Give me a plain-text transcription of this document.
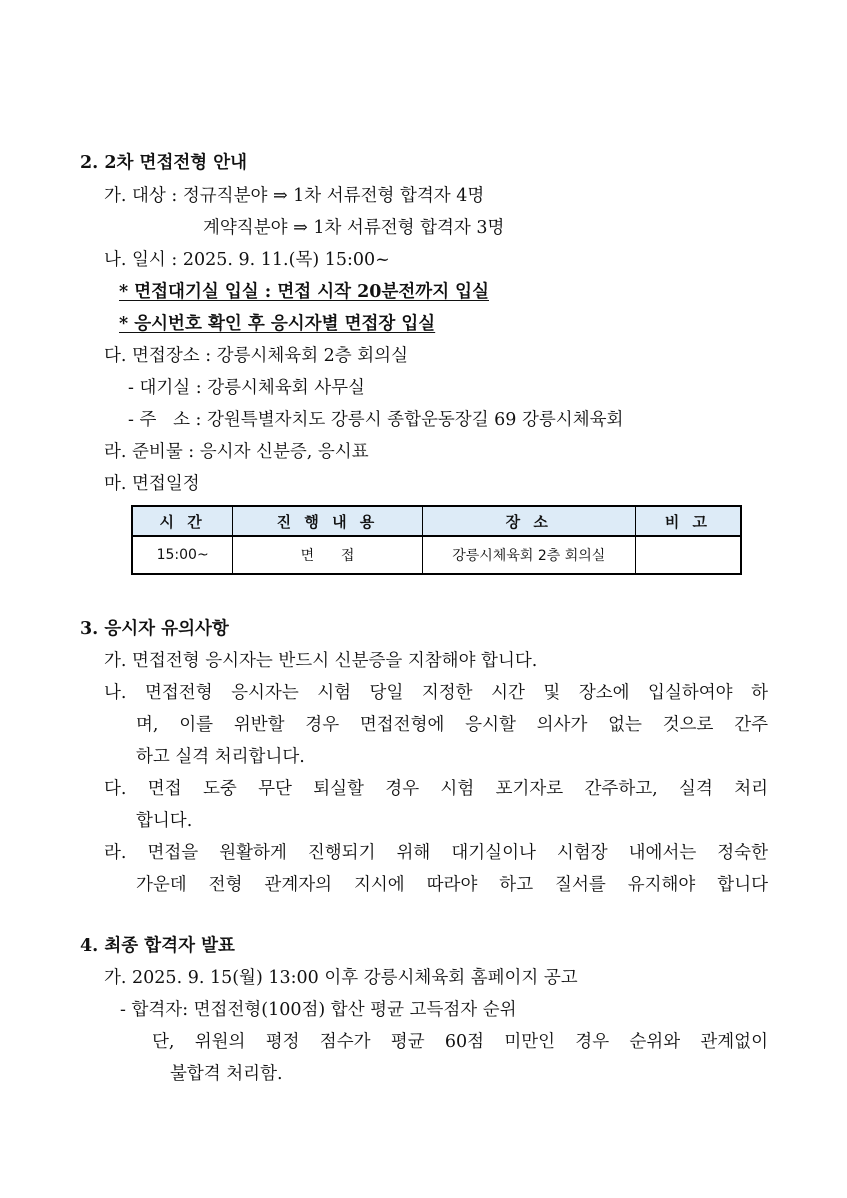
2. 2차 면접전형 안내
가. 대상 : 정규직분야 ⇒ 1차 서류전형 합격자 4명
계약직분야 ⇒ 1차 서류전형 합격자 3명
나. 일시 : 2025. 9. 11.(목) 15:00~
* 면접대기실 입실 : 면접 시작 20분전까지 입실
* 응시번호 확인 후 응시자별 면접장 입실
다. 면접장소 : 강릉시체육회 2층 회의실
- 대기실 : 강릉시체육회 사무실
- 주   소 : 강원특별자치도 강릉시 종합운동장길 69 강릉시체육회
라. 준비물 : 응시자 신분증, 응시표
마. 면접일정
시 간	진 행 내 용	장 소	비 고
15:00~	면      접	강릉시체육회 2층 회의실	
3. 응시자 유의사항
가. 면접전형 응시자는 반드시 신분증을 지참해야 합니다.
나. 면접전형 응시자는 시험 당일 지정한 시간 및 장소에 입실하여야 하
며, 이를 위반할 경우 면접전형에 응시할 의사가 없는 것으로 간주
하고 실격 처리합니다.
다. 면접 도중 무단 퇴실할 경우 시험 포기자로 간주하고, 실격 처리
합니다.
라. 면접을 원활하게 진행되기 위해 대기실이나 시험장 내에서는 정숙한
가운데 전형 관계자의 지시에 따라야 하고 질서를 유지해야 합니다
4. 최종 합격자 발표
가. 2025. 9. 15(월) 13:00 이후 강릉시체육회 홈페이지 공고
- 합격자: 면접전형(100점) 합산 평균 고득점자 순위
단, 위원의 평정 점수가 평균 60점 미만인 경우 순위와 관계없이
불합격 처리함.
